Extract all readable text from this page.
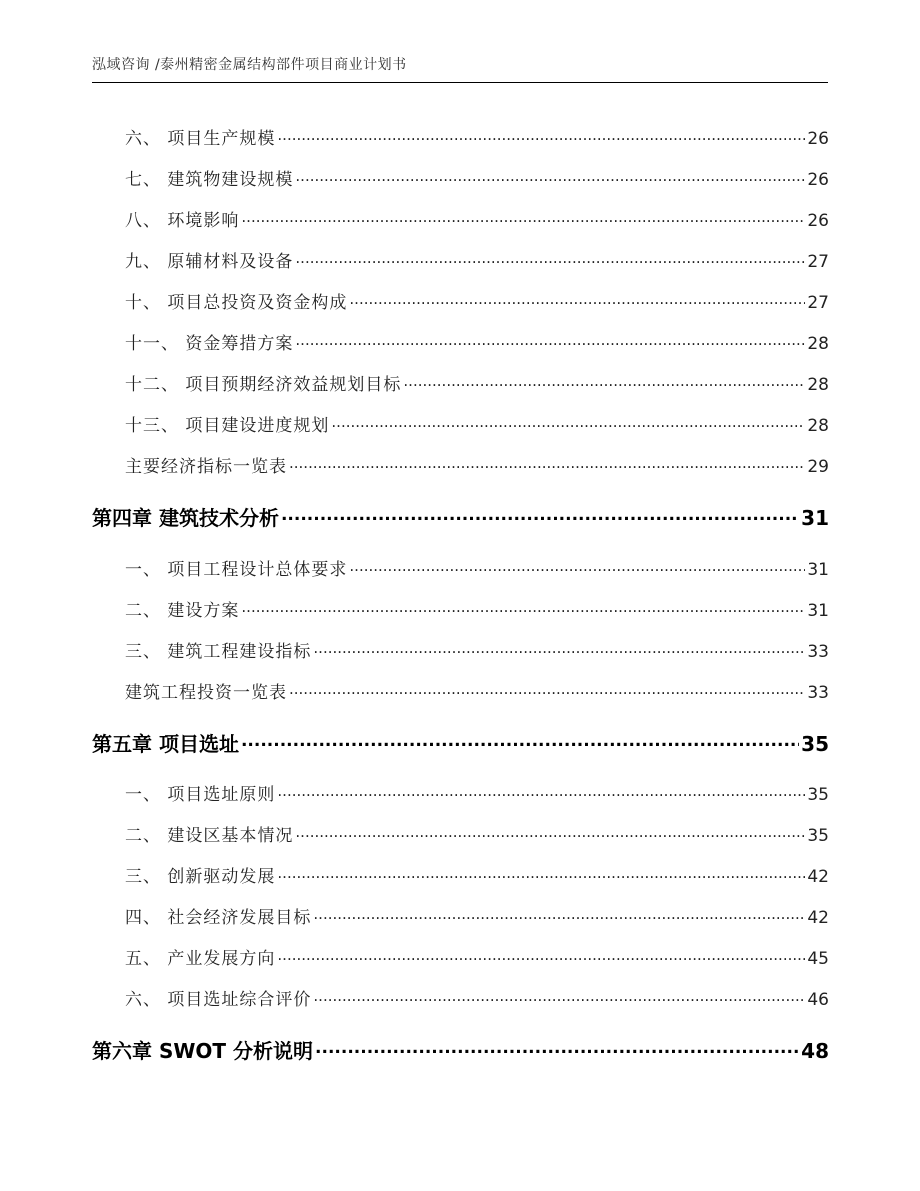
泓域咨询 /泰州精密金属结构部件项目商业计划书
六、 项目生产规模 .....	26
七、 建筑物建设规模 .....	26
八、 环境影响 .....	26
九、 原辅材料及设备 .....	27
十、 项目总投资及资金构成 .....	27
十一、 资金筹措方案 .....	28
十二、 项目预期经济效益规划目标 .....	28
十三、 项目建设进度规划 .....	28
主要经济指标一览表 .....	29
第四章 建筑技术分析 .....	31
一、 项目工程设计总体要求 .....	31
二、 建设方案 .....	31
三、 建筑工程建设指标 .....	33
建筑工程投资一览表 .....	33
第五章 项目选址 .....	35
一、 项目选址原则 .....	35
二、 建设区基本情况 .....	35
三、 创新驱动发展 .....	42
四、 社会经济发展目标 .....	42
五、 产业发展方向 .....	45
六、 项目选址综合评价 .....	46
第六章 SWOT 分析说明 .....	48
